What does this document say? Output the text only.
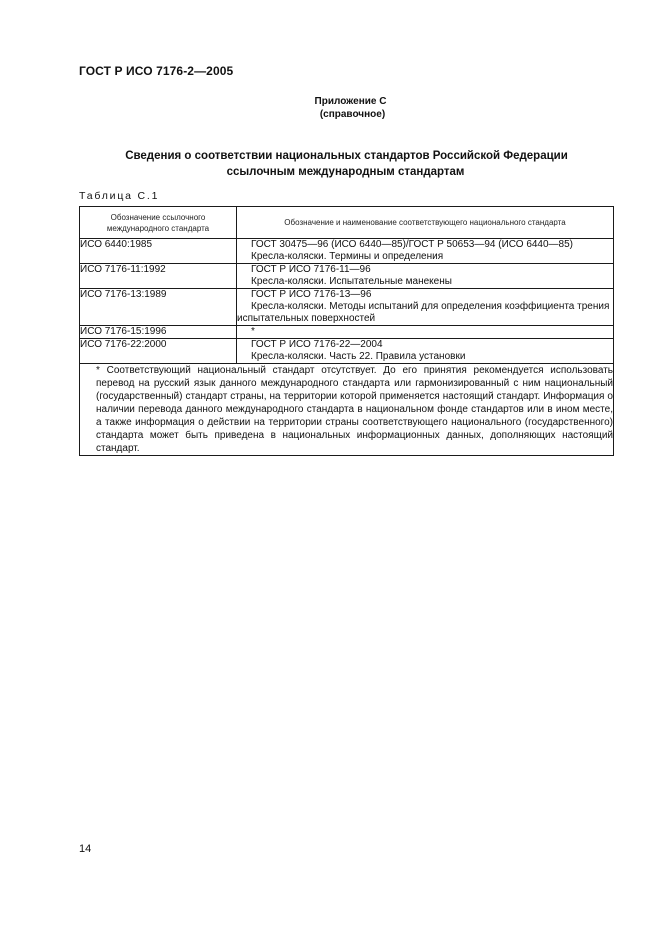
ГОСТ Р ИСО 7176-2—2005
Приложение С
(справочное)
Сведения о соответствии национальных стандартов Российской Федерации
ссылочным международным стандартам
Таблица С.1
Обозначение ссылочного международного стандарта	Обозначение и наименование соответствующего национального стандарта
ИСО 6440:1985	ГОСТ 30475—96 (ИСО 6440—85)/ГОСТ Р 50653—94 (ИСО 6440—85)
Кресла-коляски. Термины и определения

ИСО 7176-11:1992	ГОСТ Р ИСО 7176-11—96
Кресла-коляски. Испытательные манекены

ИСО 7176-13:1989	ГОСТ Р ИСО 7176-13—96
Кресла-коляски. Методы испытаний для определения коэффициента трения
испытательных поверхностей

ИСО 7176-15:1996	*

ИСО 7176-22:2000	ГОСТ Р ИСО 7176-22—2004
Кресла-коляски. Часть 22. Правила установки

* Соответствующий национальный стандарт отсутствует. До его принятия рекомендуется использовать перевод на русский язык данного международного стандарта или гармонизированный с ним национальный (государственный) стандарт страны, на территории которой применяется настоящий стандарт. Информация о наличии перевода данного международного стандарта в национальном фонде стандартов или в ином месте, а также информация о действии на территории страны соответствующего национального (государственного) стандарта может быть приведена в национальных информационных данных, дополняющих настоящий стандарт.	
14
